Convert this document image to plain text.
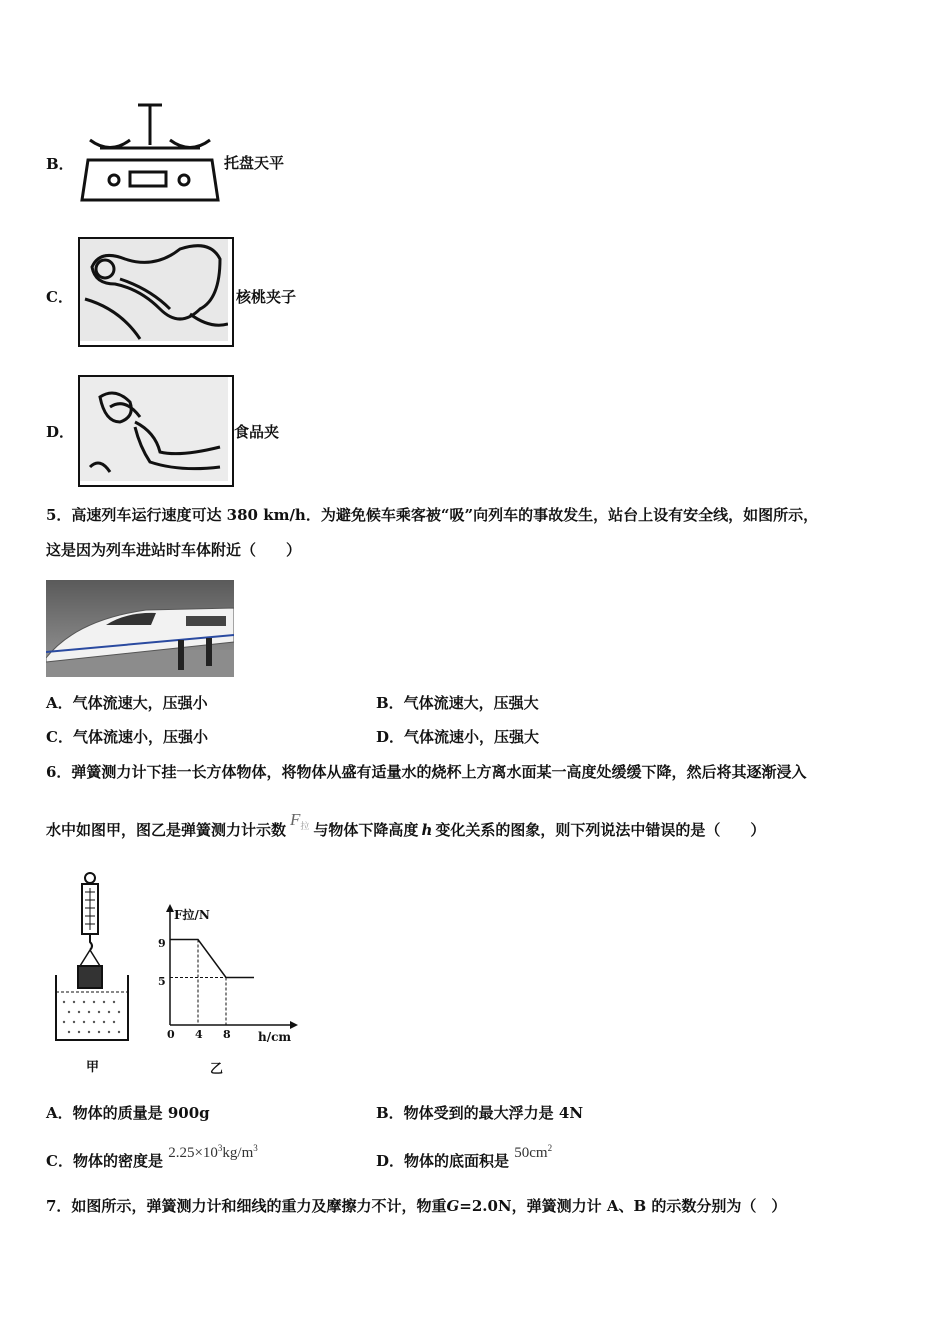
B．	托盘天平
C．	核桃夹子
D．	食品夹
5．高速列车运行速度可达 380 km/h．为避免候车乘客被“吸”向列车的事故发生，站台上设有安全线，如图所示，
这是因为列车进站时车体附近（　　）
A．气体流速大，压强小	B．气体流速大，压强大
C．气体流速小，压强小	D．气体流速小，压强大
6．弹簧测力计下挂一长方体物体，将物体从盛有适量水的烧杯上方离水面某一高度处缓缓下降，然后将其逐渐浸入
水中如图甲，图乙是弹簧测力计示数$F^拉$ 与物体下降高度 h 变化关系的图象，则下列说法中错误的是（　　）
甲
F拉/N
h/cm
9
5
0 4 8
乙
A．物体的质量是 900g	B．物体受到的最大浮力是 4N
C．物体的密度是 $2.25\times 10^3kg/m^3$
D．物体的底面积是 $50cm^2$
7．如图所示，弹簧测力计和细线的重力及摩擦力不计，物重G=2.0N，弹簧测力计 A、B 的示数分别为（　）
